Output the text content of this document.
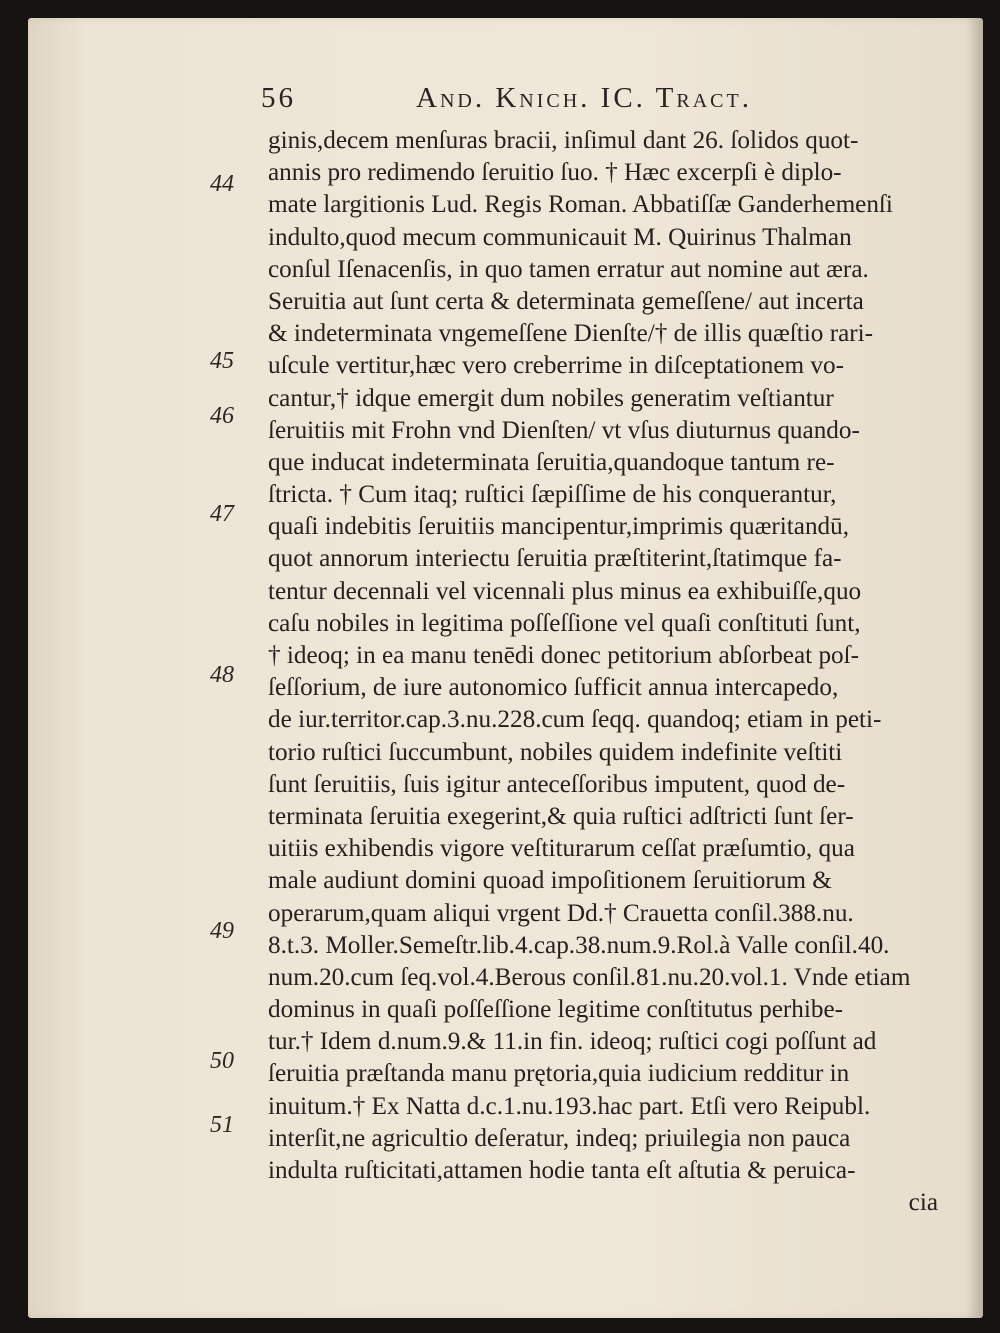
56	And. Knich. IC. Tract.
44
45
46
47
48
49
50
51
ginis,decem menſuras bracii, inſimul dant 26. ſolidos quot-
annis pro redimendo ſeruitio ſuo. † Hæc excerpſi è diplo-
mate largitionis Lud. Regis Roman. Abbatiſſæ Ganderhemenſi
indulto,quod mecum communicauit M. Quirinus Thalman
conſul Iſenacenſis, in quo tamen erratur aut nomine aut æra.
Seruitia aut ſunt certa & determinata gemeſſene/ aut incerta
& indeterminata vngemeſſene Dienſte/† de illis quæſtio rari-
uſcule vertitur,hæc vero creberrime in diſceptationem vo-
cantur,† idque emergit dum nobiles generatim veſtiantur
ſeruitiis mit Frohn vnd Dienſten/ vt vſus diuturnus quando-
que inducat indeterminata ſeruitia,quandoque tantum re-
ſtricta. † Cum itaq; ruſtici ſæpiſſime de his conquerantur,
quaſi indebitis ſeruitiis mancipentur,imprimis quæritandū,
quot annorum interiectu ſeruitia præſtiterint,ſtatimque fa-
tentur decennali vel vicennali plus minus ea exhibuiſſe,quo
caſu nobiles in legitima poſſeſſione vel quaſi conſtituti ſunt,
† ideoq; in ea manu tenēdi donec petitorium abſorbeat poſ-
ſeſſorium, de iure autonomico ſufficit annua intercapedo,
de iur.territor.cap.3.nu.228.cum ſeqq. quandoq; etiam in peti-
torio ruſtici ſuccumbunt, nobiles quidem indefinite veſtiti
ſunt ſeruitiis, ſuis igitur anteceſſoribus imputent, quod de-
terminata ſeruitia exegerint,& quia ruſtici adſtricti ſunt ſer-
uitiis exhibendis vigore veſtiturarum ceſſat præſumtio, qua
male audiunt domini quoad impoſitionem ſeruitiorum &
operarum,quam aliqui vrgent Dd.† Crauetta conſil.388.nu.
8.t.3. Moller.Semeſtr.lib.4.cap.38.num.9.Rol.à Valle conſil.40.
num.20.cum ſeq.vol.4.Berous conſil.81.nu.20.vol.1. Vnde etiam
dominus in quaſi poſſeſſione legitime conſtitutus perhibe-
tur.† Idem d.num.9.& 11.in fin. ideoq; ruſtici cogi poſſunt ad
ſeruitia præſtanda manu prętoria,quia iudicium redditur in
inuitum.† Ex Natta d.c.1.nu.193.hac part. Etſi vero Reipubl.
interſit,ne agricultio deſeratur, indeq; priuilegia non pauca
indulta ruſticitati,attamen hodie tanta eſt aſtutia & peruica-
cia
